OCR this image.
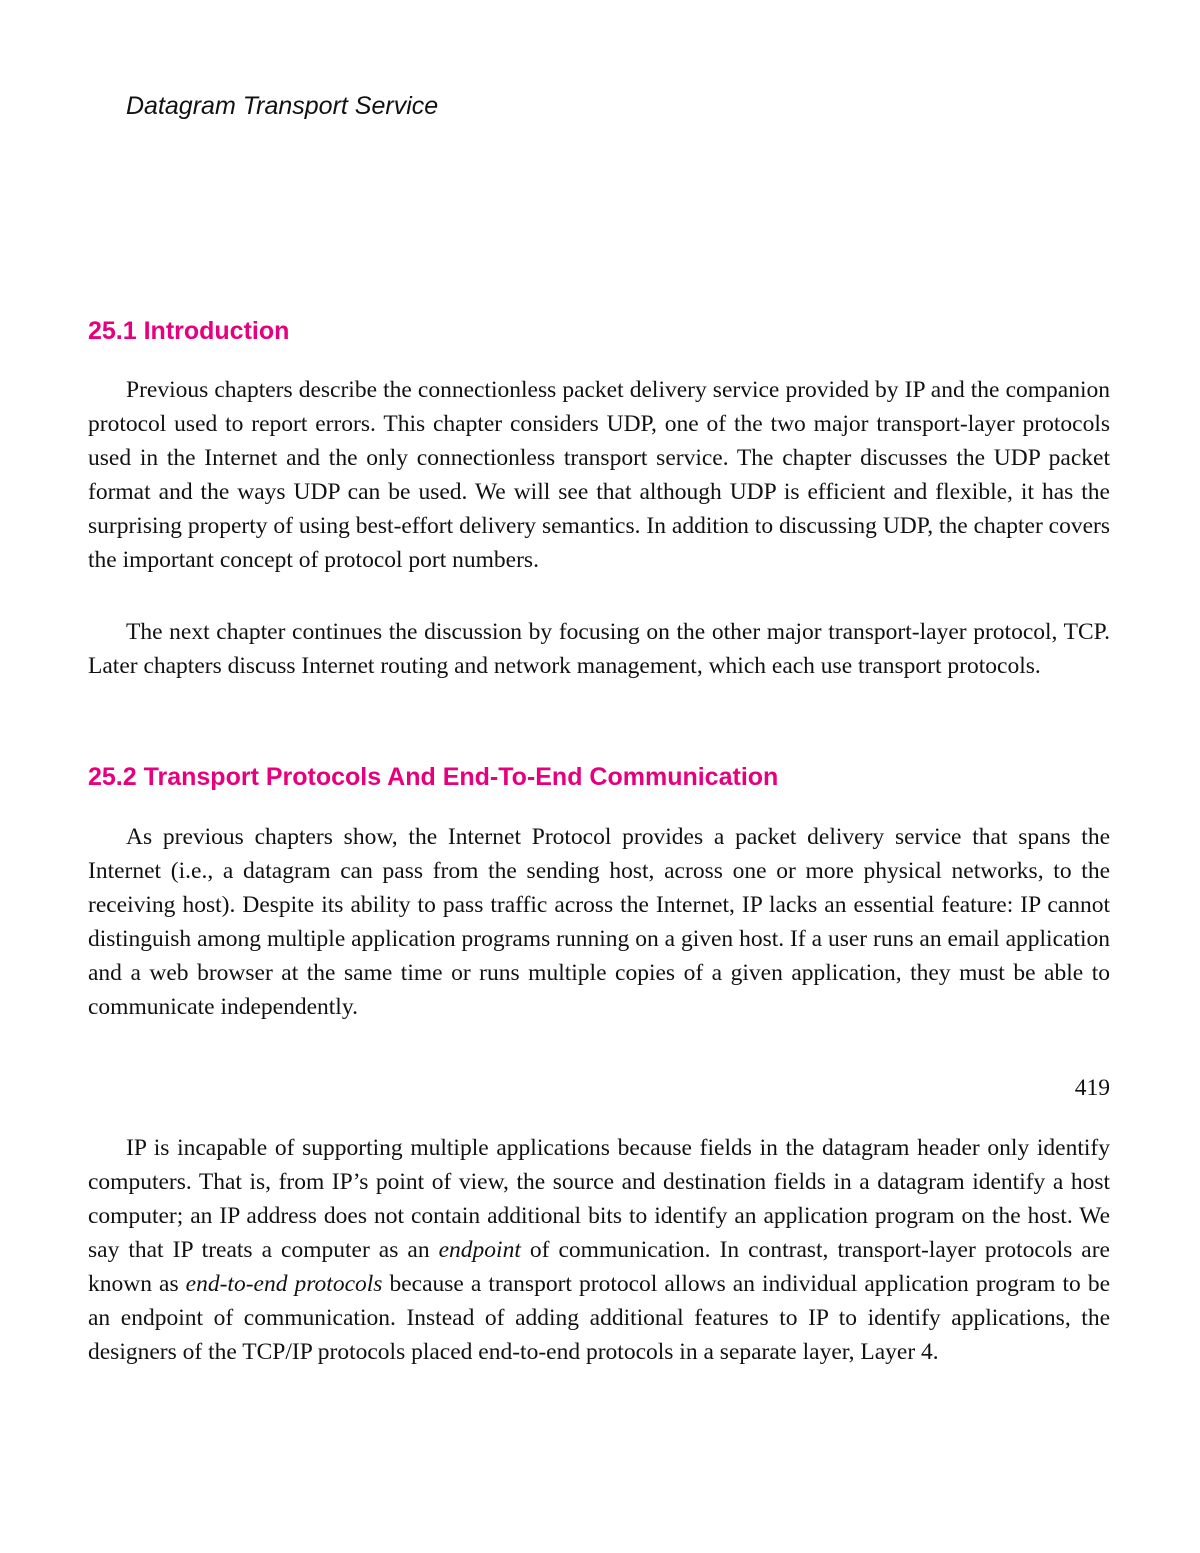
Datagram Transport Service

25.1 Introduction

Previous chapters describe the connectionless packet delivery service provided by IP and the companion protocol used to report errors. This chapter considers UDP, one of the two major transport-layer protocols used in the Internet and the only connectionless transport service. The chapter discusses the UDP packet format and the ways UDP can be used. We will see that although UDP is efficient and flexible, it has the surprising property of using best-effort delivery semantics. In addition to discussing UDP, the chapter covers the important concept of protocol port numbers.

The next chapter continues the discussion by focusing on the other major transport-layer protocol, TCP. Later chapters discuss Internet routing and network management, which each use transport protocols.

25.2 Transport Protocols And End-To-End Communication

As previous chapters show, the Internet Protocol provides a packet delivery service that spans the Internet (i.e., a datagram can pass from the sending host, across one or more physical networks, to the receiving host). Despite its ability to pass traffic across the Internet, IP lacks an essential feature: IP cannot distinguish among multiple application programs running on a given host. If a user runs an email application and a web browser at the same time or runs multiple copies of a given application, they must be able to communicate independently.

419

IP is incapable of supporting multiple applications because fields in the datagram header only identify computers. That is, from IP’s point of view, the source and destination fields in a datagram identify a host computer; an IP address does not contain additional bits to identify an application program on the host. We say that IP treats a computer as an endpoint of communication. In contrast, transport-layer protocols are known as end-to-end protocols because a transport protocol allows an individual application program to be an endpoint of communication. Instead of adding additional features to IP to identify applications, the designers of the TCP/IP protocols placed end-to-end protocols in a separate layer, Layer 4.
